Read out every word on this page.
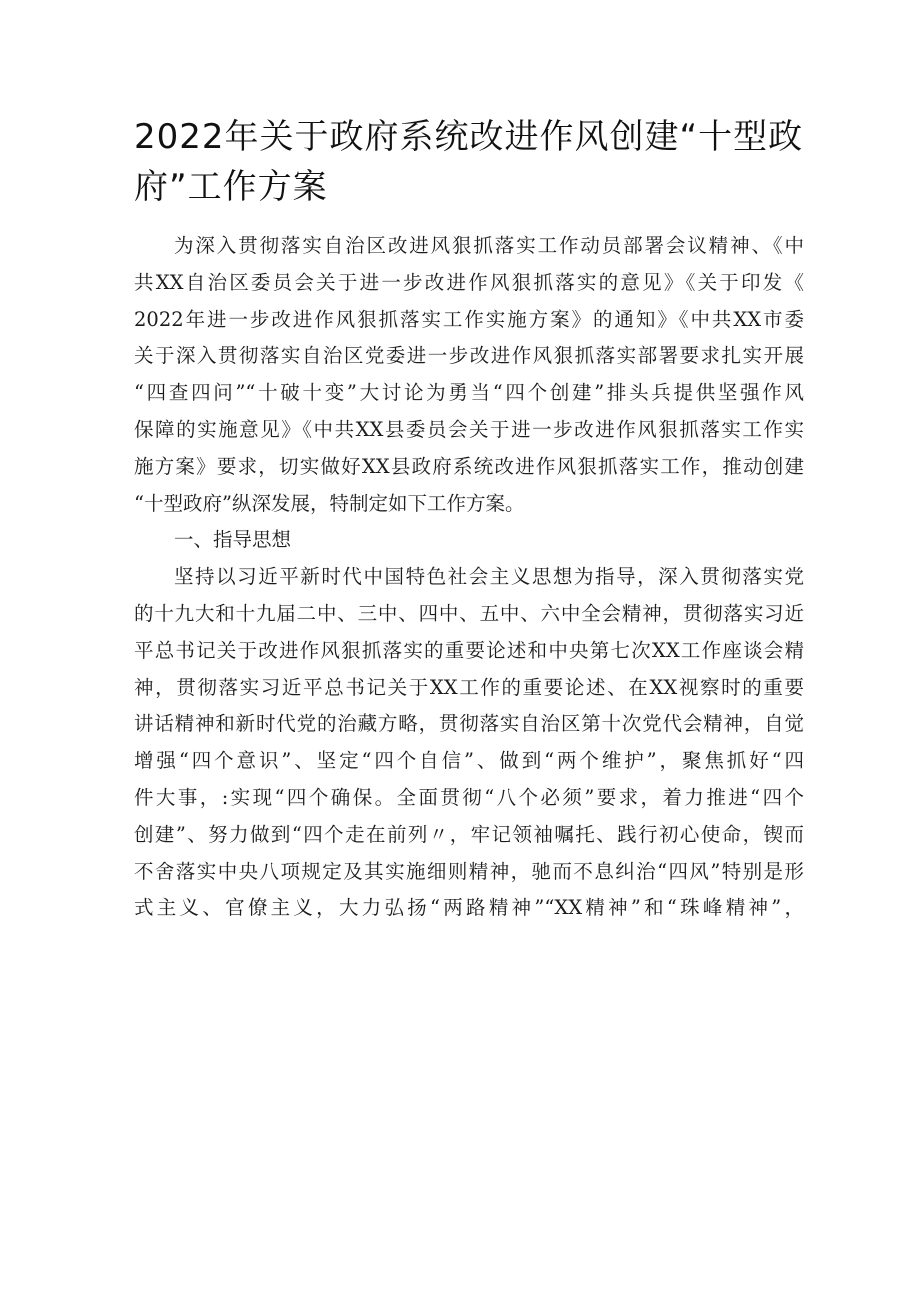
2022年关于政府系统改进作风创建“十型政
府”工作方案
为深入贯彻落实自治区改进风狠抓落实工作动员部署会议精神、《中
共XX自治区委员会关于进一步改进作风狠抓落实的意见》《关于印发《
2022年进一步改进作风狠抓落实工作实施方案》的通知》《中共XX市委
关于深入贯彻落实自治区党委进一步改进作风狠抓落实部署要求扎实开展
“四查四问”“十破十变”大讨论为勇当“四个创建”排头兵提供坚强作风
保障的实施意见》《中共XX县委员会关于进一步改进作风狠抓落实工作实
施方案》要求，切实做好XX县政府系统改进作风狠抓落实工作，推动创建
“十型政府”纵深发展，特制定如下工作方案。
一、指导思想
坚持以习近平新时代中国特色社会主义思想为指导，深入贯彻落实党
的十九大和十九届二中、三中、四中、五中、六中全会精神，贯彻落实习近
平总书记关于改进作风狠抓落实的重要论述和中央第七次XX工作座谈会精
神，贯彻落实习近平总书记关于XX工作的重要论述、在XX视察时的重要
讲话精神和新时代党的治藏方略，贯彻落实自治区第十次党代会精神，自觉
增强“四个意识”、坚定“四个自信”、做到“两个维护”，聚焦抓好“四
件大事，:实现“四个确保。全面贯彻“八个必须”要求，着力推进“四个
创建”、努力做到“四个走在前列〃，牢记领袖嘱托、践行初心使命，锲而
不舍落实中央八项规定及其实施细则精神，驰而不息纠治“四风”特别是形
式主义、官僚主义，大力弘扬“两路精神”“XX精神”和“珠峰精神”，
